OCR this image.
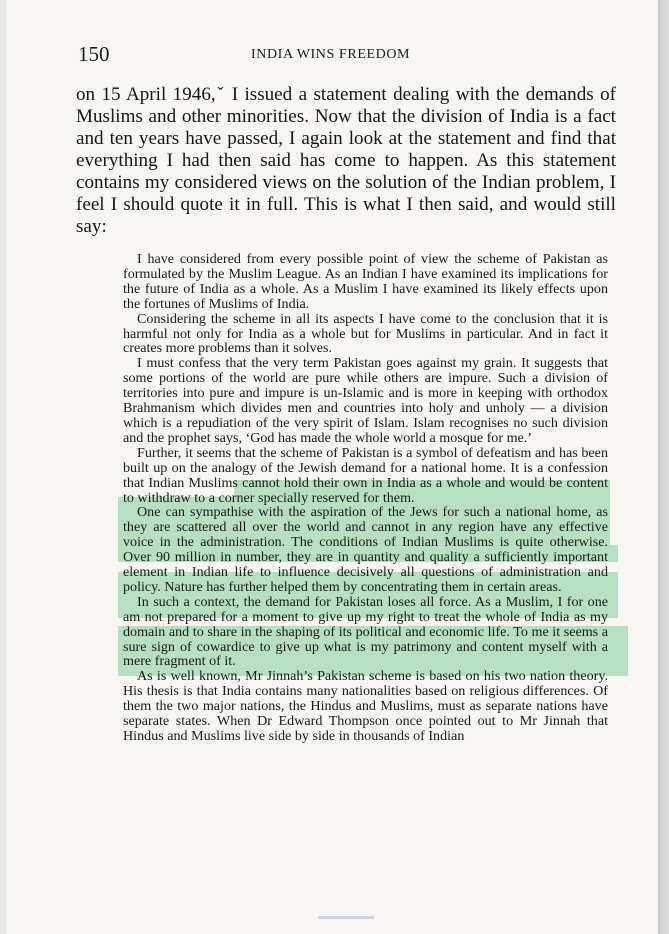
150	INDIA WINS FREEDOM

on 15 April 1946,ˇ I issued a statement dealing with the demands of Muslims and other minorities. Now that the division of India is a fact and ten years have passed, I again look at the statement and find that everything I had then said has come to happen. As this statement contains my considered views on the solution of the Indian problem, I feel I should quote it in full. This is what I then said, and would still say:

I have considered from every possible point of view the scheme of Pakistan as formulated by the Muslim League. As an Indian I have examined its implications for the future of India as a whole. As a Muslim I have examined its likely effects upon the fortunes of Muslims of India.

Considering the scheme in all its aspects I have come to the conclusion that it is harmful not only for India as a whole but for Muslims in particular. And in fact it creates more problems than it solves.

I must confess that the very term Pakistan goes against my grain. It suggests that some portions of the world are pure while others are impure. Such a division of territories into pure and impure is un-Islamic and is more in keeping with orthodox Brahmanism which divides men and countries into holy and unholy — a division which is a repudiation of the very spirit of Islam. Islam recognises no such division and the prophet says, ‘God has made the whole world a mosque for me.’

Further, it seems that the scheme of Pakistan is a symbol of defeatism and has been built up on the analogy of the Jewish demand for a national home. It is a confession that Indian Muslims cannot hold their own in India as a whole and would be content to withdraw to a corner specially reserved for them.

One can sympathise with the aspiration of the Jews for such a national home, as they are scattered all over the world and cannot in any region have any effective voice in the administration. The conditions of Indian Muslims is quite otherwise. Over 90 million in number, they are in quantity and quality a sufficiently important element in Indian life to influence decisively all questions of administration and policy. Nature has further helped them by concentrating them in certain areas.

In such a context, the demand for Pakistan loses all force. As a Muslim, I for one am not prepared for a moment to give up my right to treat the whole of India as my domain and to share in the shaping of its political and economic life. To me it seems a sure sign of cowardice to give up what is my patrimony and content myself with a mere fragment of it.

As is well known, Mr Jinnah’s Pakistan scheme is based on his two nation theory. His thesis is that India contains many nationalities based on religious differences. Of them the two major nations, the Hindus and Muslims, must as separate nations have separate states. When Dr Edward Thompson once pointed out to Mr Jinnah that Hindus and Muslims live side by side in thousands of Indian
